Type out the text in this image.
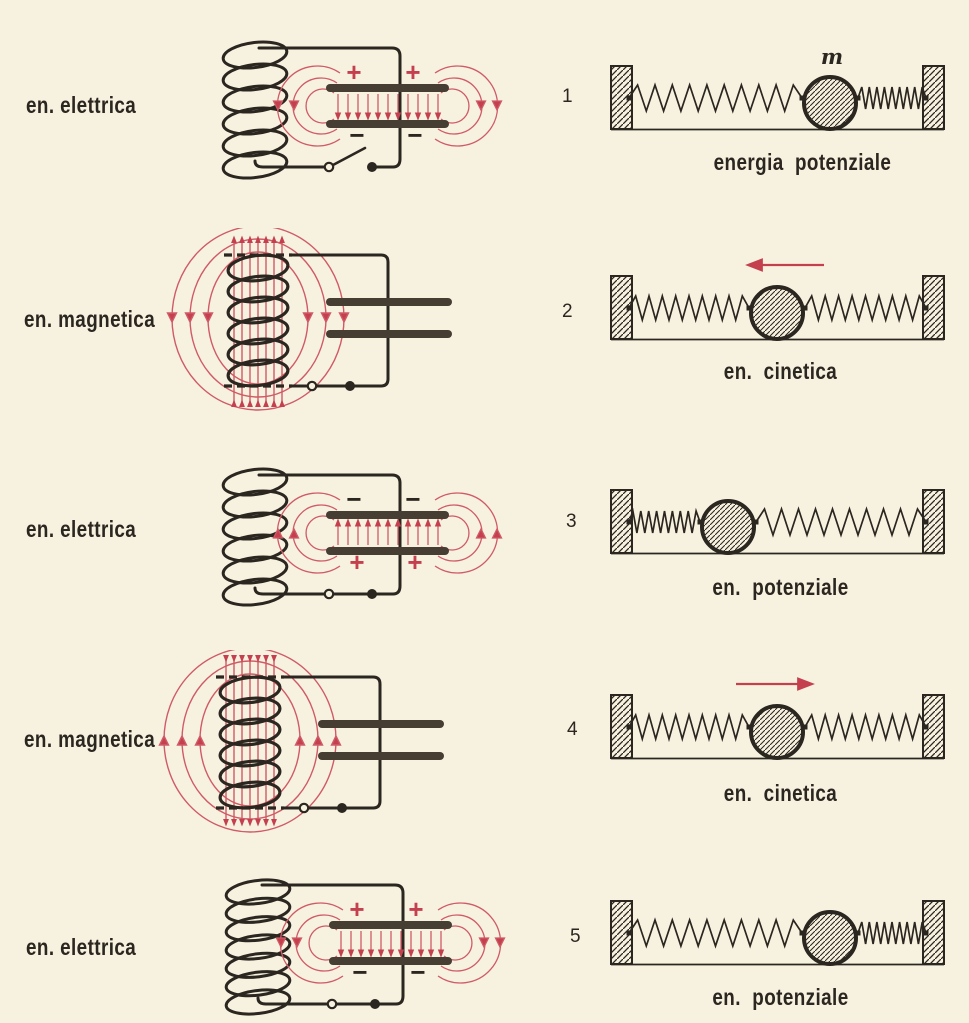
en. elettrica
+ +
− −
1
m
energia potenziale
en. magnetica	2
en. cinetica
en. elettrica
− −
+ +
3
en. potenziale
en. magnetica	4
en. cinetica
en. elettrica
+ +
− −
5
en. potenziale
